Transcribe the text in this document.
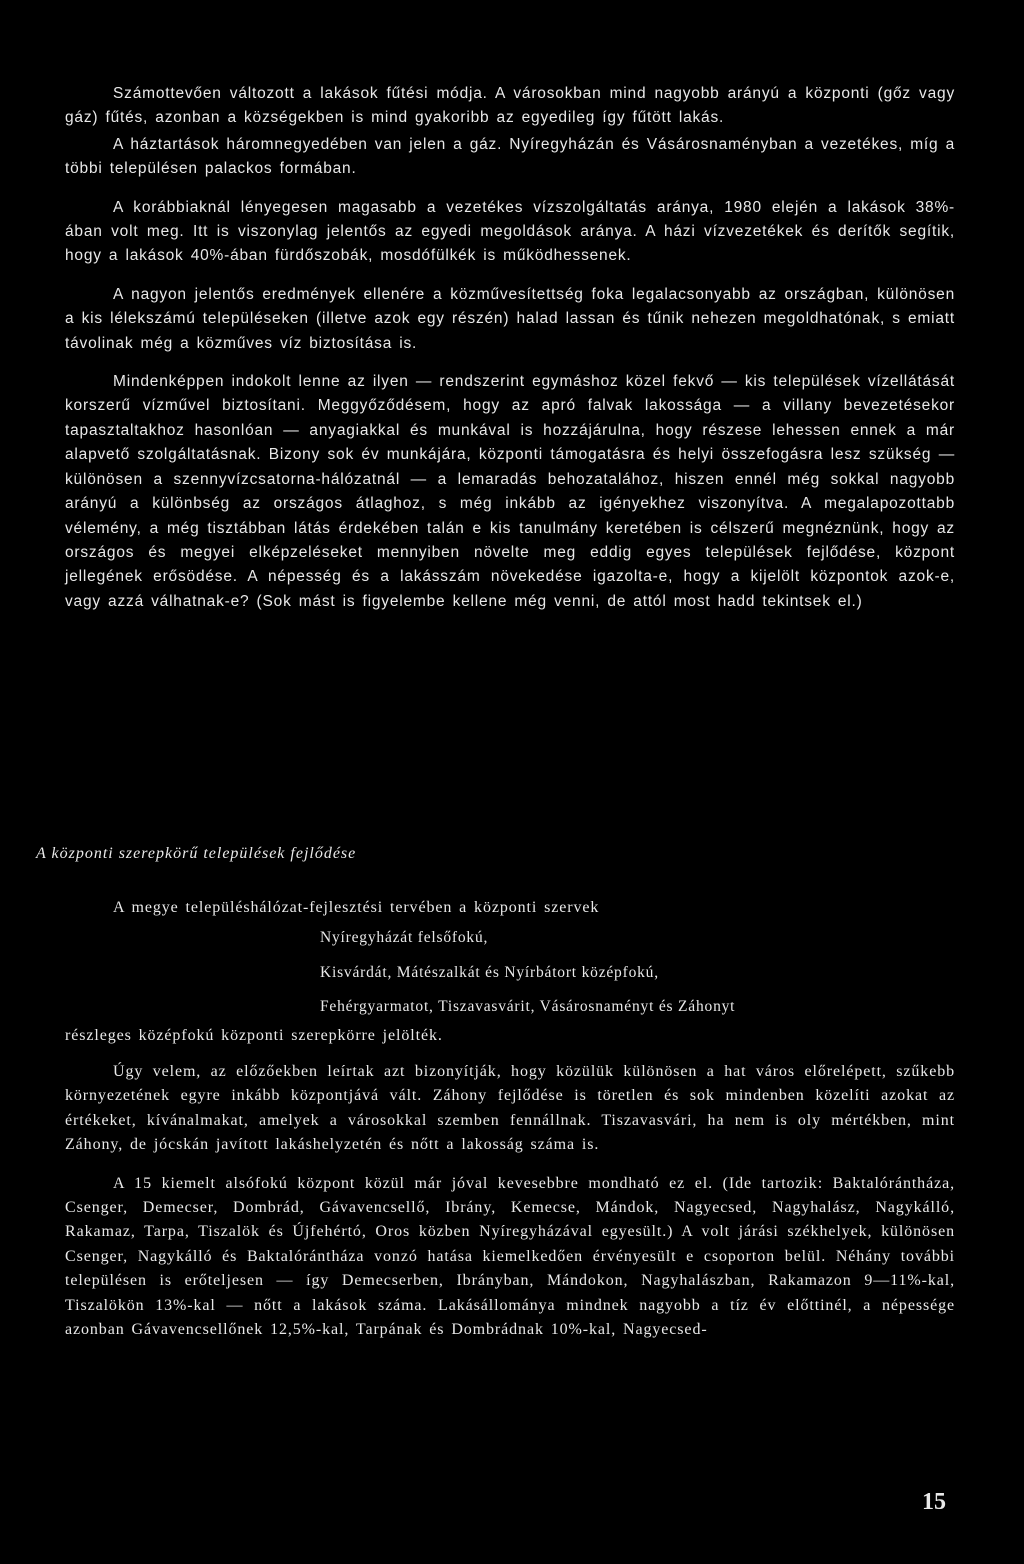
Számottevően változott a lakások fűtési módja. A városokban mind nagyobb arányú a központi (gőz vagy gáz) fűtés, azonban a községekben is mind gyakoribb az egyedileg így fűtött lakás.

A háztartások háromnegyedében van jelen a gáz. Nyíregyházán és Vásárosnaményban a vezetékes, míg a többi településen palackos formában.

A korábbiaknál lényegesen magasabb a vezetékes vízszolgáltatás aránya, 1980 elején a lakások 38%-ában volt meg. Itt is viszonylag jelentős az egyedi megoldások aránya. A házi vízvezetékek és derítők segítik, hogy a lakások 40%-ában fürdőszobák, mosdófülkék is működhessenek.

A nagyon jelentős eredmények ellenére a közművesítettség foka legalacsonyabb az országban, különösen a kis lélekszámú településeken (illetve azok egy részén) halad lassan és tűnik nehezen megoldhatónak, s emiatt távolinak még a közműves víz biztosítása is.

Mindenképpen indokolt lenne az ilyen — rendszerint egymáshoz közel fekvő — kis települések vízellátását korszerű vízművel biztosítani. Meggyőződésem, hogy az apró falvak lakossága — a villany bevezetésekor tapasztaltakhoz hasonlóan — anyagiakkal és munkával is hozzájárulna, hogy részese lehessen ennek a már alapvető szolgáltatásnak. Bizony sok év munkájára, központi támogatásra és helyi összefogásra lesz szükség — különösen a szennyvízcsatorna-hálózatnál — a lemaradás behozatalához, hiszen ennél még sokkal nagyobb arányú a különbség az országos átlaghoz, s még inkább az igényekhez viszonyítva. A megalapozottabb vélemény, a még tisztábban látás érdekében talán e kis tanulmány keretében is célszerű megnéznünk, hogy az országos és megyei elképzeléseket mennyiben növelte meg eddig egyes települések fejlődése, központ jellegének erősödése. A népesség és a lakásszám növekedése igazolta-e, hogy a kijelölt központok azok-e, vagy azzá válhatnak-e? (Sok mást is figyelembe kellene még venni, de attól most hadd tekintsek el.)

A központi szerepkörű települések fejlődése

A megye településhálózat-fejlesztési tervében a központi szervek

Nyíregyházát felsőfokú,

Kisvárdát, Mátészalkát és Nyírbátort középfokú,

Fehérgyarmatot, Tiszavasvárit, Vásárosnaményt és Záhonyt

részleges középfokú központi szerepkörre jelölték.

Úgy velem, az előzőekben leírtak azt bizonyítják, hogy közülük különösen a hat város előrelépett, szűkebb környezetének egyre inkább központjává vált. Záhony fejlődése is töretlen és sok mindenben közelíti azokat az értékeket, kívánalmakat, amelyek a városokkal szemben fennállnak. Tiszavasvári, ha nem is oly mértékben, mint Záhony, de jócskán javított lakáshelyzetén és nőtt a lakosság száma is.

A 15 kiemelt alsófokú központ közül már jóval kevesebbre mondható ez el. (Ide tartozik: Baktalórántháza, Csenger, Demecser, Dombrád, Gávavencsellő, Ibrány, Kemecse, Mándok, Nagyecsed, Nagyhalász, Nagykálló, Rakamaz, Tarpa, Tiszalök és Újfehértó, Oros közben Nyíregyházával egyesült.) A volt járási székhelyek, különösen Csenger, Nagykálló és Baktalórántháza vonzó hatása kiemelkedően érvényesült e csoporton belül. Néhány további településen is erőteljesen — így Demecserben, Ibrányban, Mándokon, Nagyhalászban, Rakamazon 9—11%-kal, Tiszalökön 13%-kal — nőtt a lakások száma. Lakásállománya mindnek nagyobb a tíz év előttinél, a népessége azonban Gávavencsellőnek 12,5%-kal, Tarpának és Dombrádnak 10%-kal, Nagyecsed-

15
